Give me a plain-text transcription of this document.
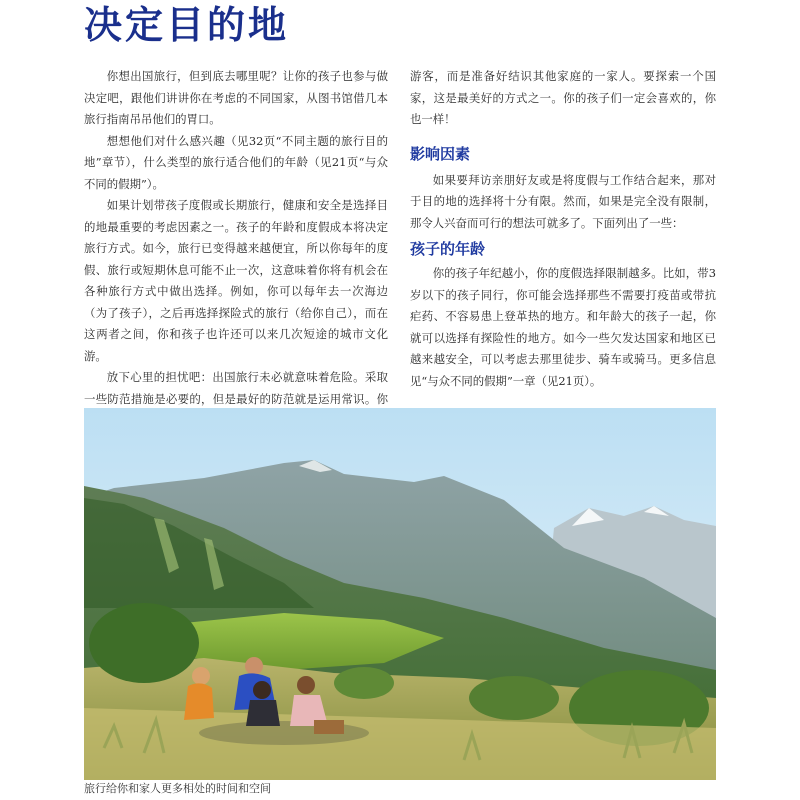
决定目的地

你想出国旅行，但到底去哪里呢？让你的孩子也参与做决定吧，跟他们讲讲你在考虑的不同国家，从图书馆借几本旅行指南吊吊他们的胃口。

想想他们对什么感兴趣（见32页“不同主题的旅行目的地”章节），什么类型的旅行适合他们的年龄（见21页“与众不同的假期”）。

如果计划带孩子度假或长期旅行，健康和安全是选择目的地最重要的考虑因素之一。孩子的年龄和度假成本将决定旅行方式。如今，旅行已变得越来越便宜，所以你每年的度假、旅行或短期休息可能不止一次，这意味着你将有机会在各种旅行方式中做出选择。例如，你可以每年去一次海边（为了孩子），之后再选择探险式的旅行（给你自己），而在这两者之间，你和孩子也许还可以来几次短途的城市文化游。

放下心里的担忧吧：出国旅行未必就意味着危险。采取一些防范措施是必要的，但是最好的防范就是运用常识。你

游客，而是准备好结识其他家庭的一家人。要探索一个国家，这是最美好的方式之一。你的孩子们一定会喜欢的，你也一样！

影响因素

如果要拜访亲朋好友或是将度假与工作结合起来，那对于目的地的选择将十分有限。然而，如果是完全没有限制，那令人兴奋而可行的想法可就多了。下面列出了一些：

孩子的年龄

你的孩子年纪越小，你的度假选择限制越多。比如，带3岁以下的孩子同行，你可能会选择那些不需要打疫苗或带抗疟药、不容易患上登革热的地方。和年龄大的孩子一起，你就可以选择有探险性的地方。如今一些欠发达国家和地区已越来越安全，可以考虑去那里徒步、骑车或骑马。更多信息见“与众不同的假期”一章（见21页）。

旅行给你和家人更多相处的时间和空间
